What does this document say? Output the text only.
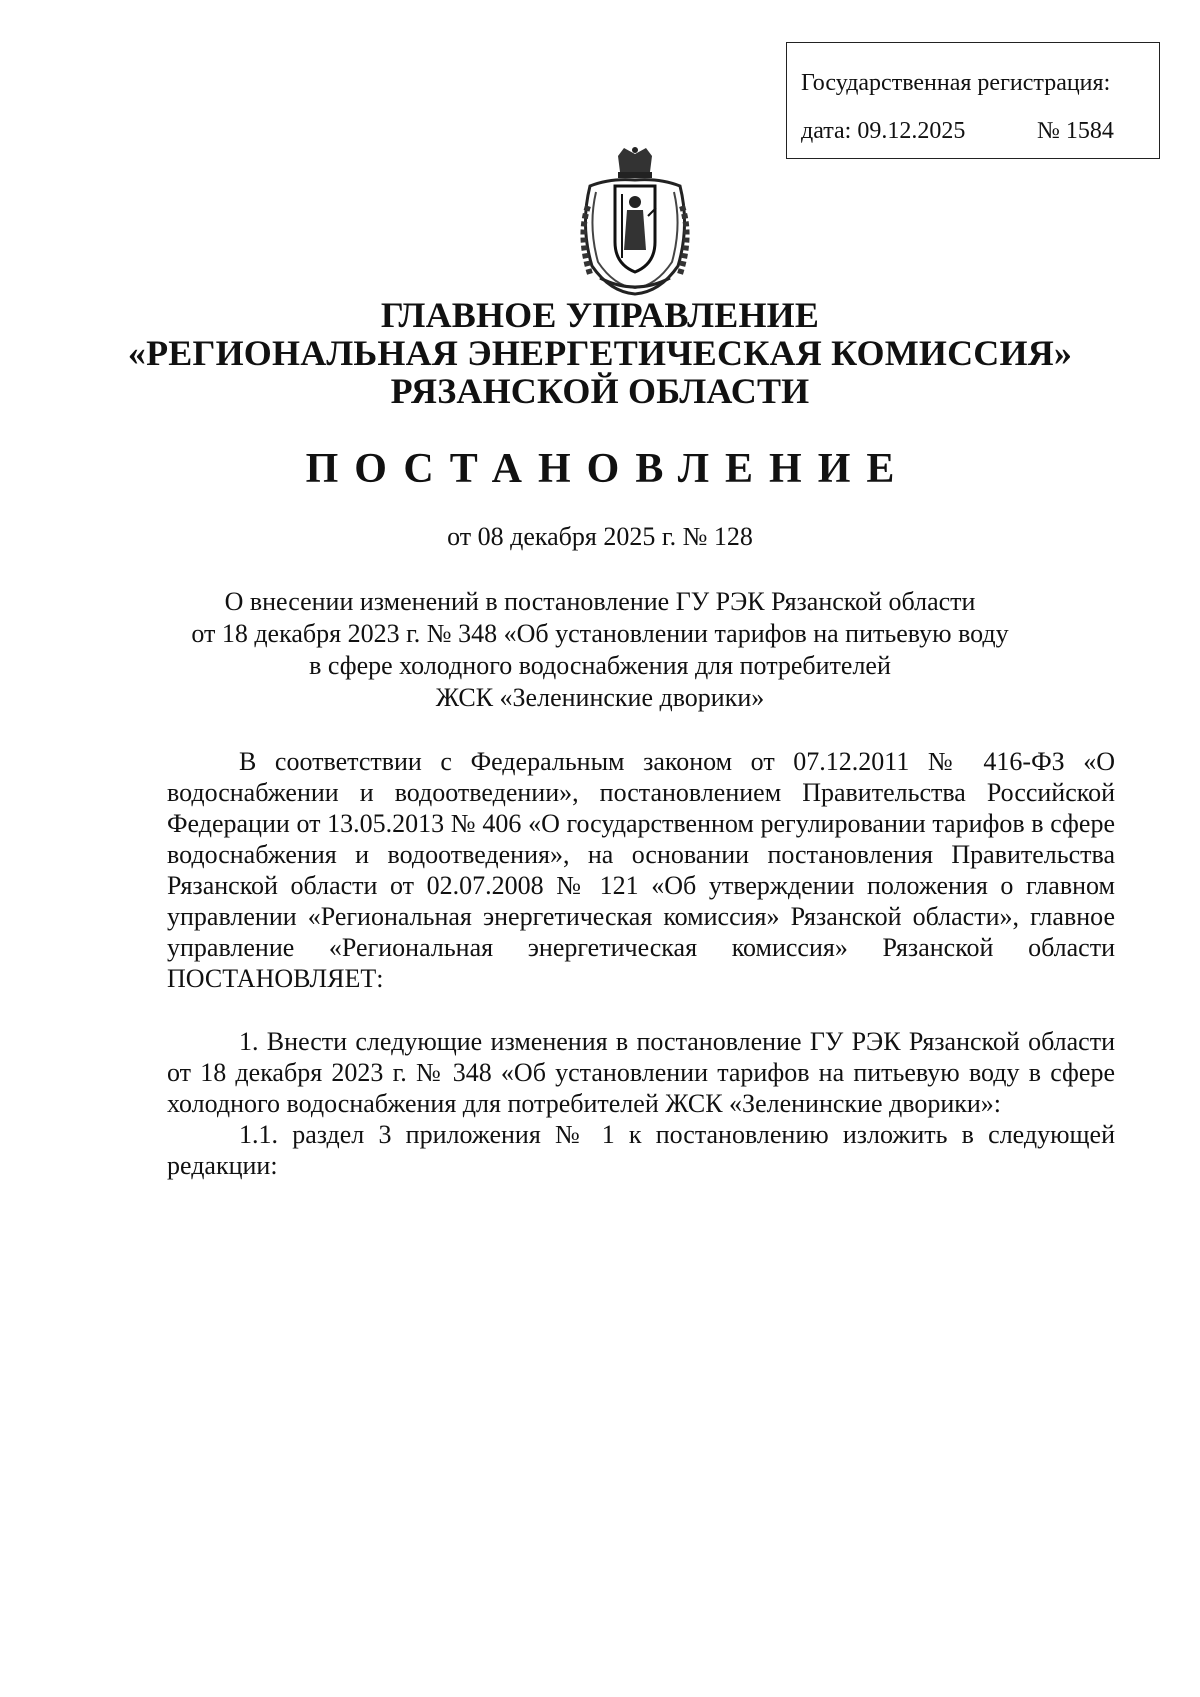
Государственная регистрация:
дата: 09.12.2025	№ 1584
ГЛАВНОЕ УПРАВЛЕНИЕ
«РЕГИОНАЛЬНАЯ ЭНЕРГЕТИЧЕСКАЯ КОМИССИЯ»
РЯЗАНСКОЙ ОБЛАСТИ
ПОСТАНОВЛЕНИЕ
от 08 декабря 2025 г. № 128
О внесении изменений в постановление ГУ РЭК Рязанской области
от 18 декабря 2023 г. № 348 «Об установлении тарифов на питьевую воду
в сфере холодного водоснабжения для потребителей
ЖСК «Зеленинские дворики»

В соответствии с Федеральным законом от 07.12.2011 № 416-ФЗ «О водоснабжении и водоотведении», постановлением Правительства Российской Федерации от 13.05.2013 № 406 «О государственном регулировании тарифов в сфере водоснабжения и водоотведения», на основании постановления Правительства Рязанской области от 02.07.2008 № 121 «Об утверждении положения о главном управлении «Региональная энергетическая комиссия» Рязанской области», главное управление «Региональная энергетическая комиссия» Рязанской области ПОСТАНОВЛЯЕТ:

1. Внести следующие изменения в постановление ГУ РЭК Рязанской области от 18 декабря 2023 г. № 348 «Об установлении тарифов на питьевую воду в сфере холодного водоснабжения для потребителей ЖСК «Зеленинские дворики»:

1.1. раздел 3 приложения № 1 к постановлению изложить в следующей редакции:
